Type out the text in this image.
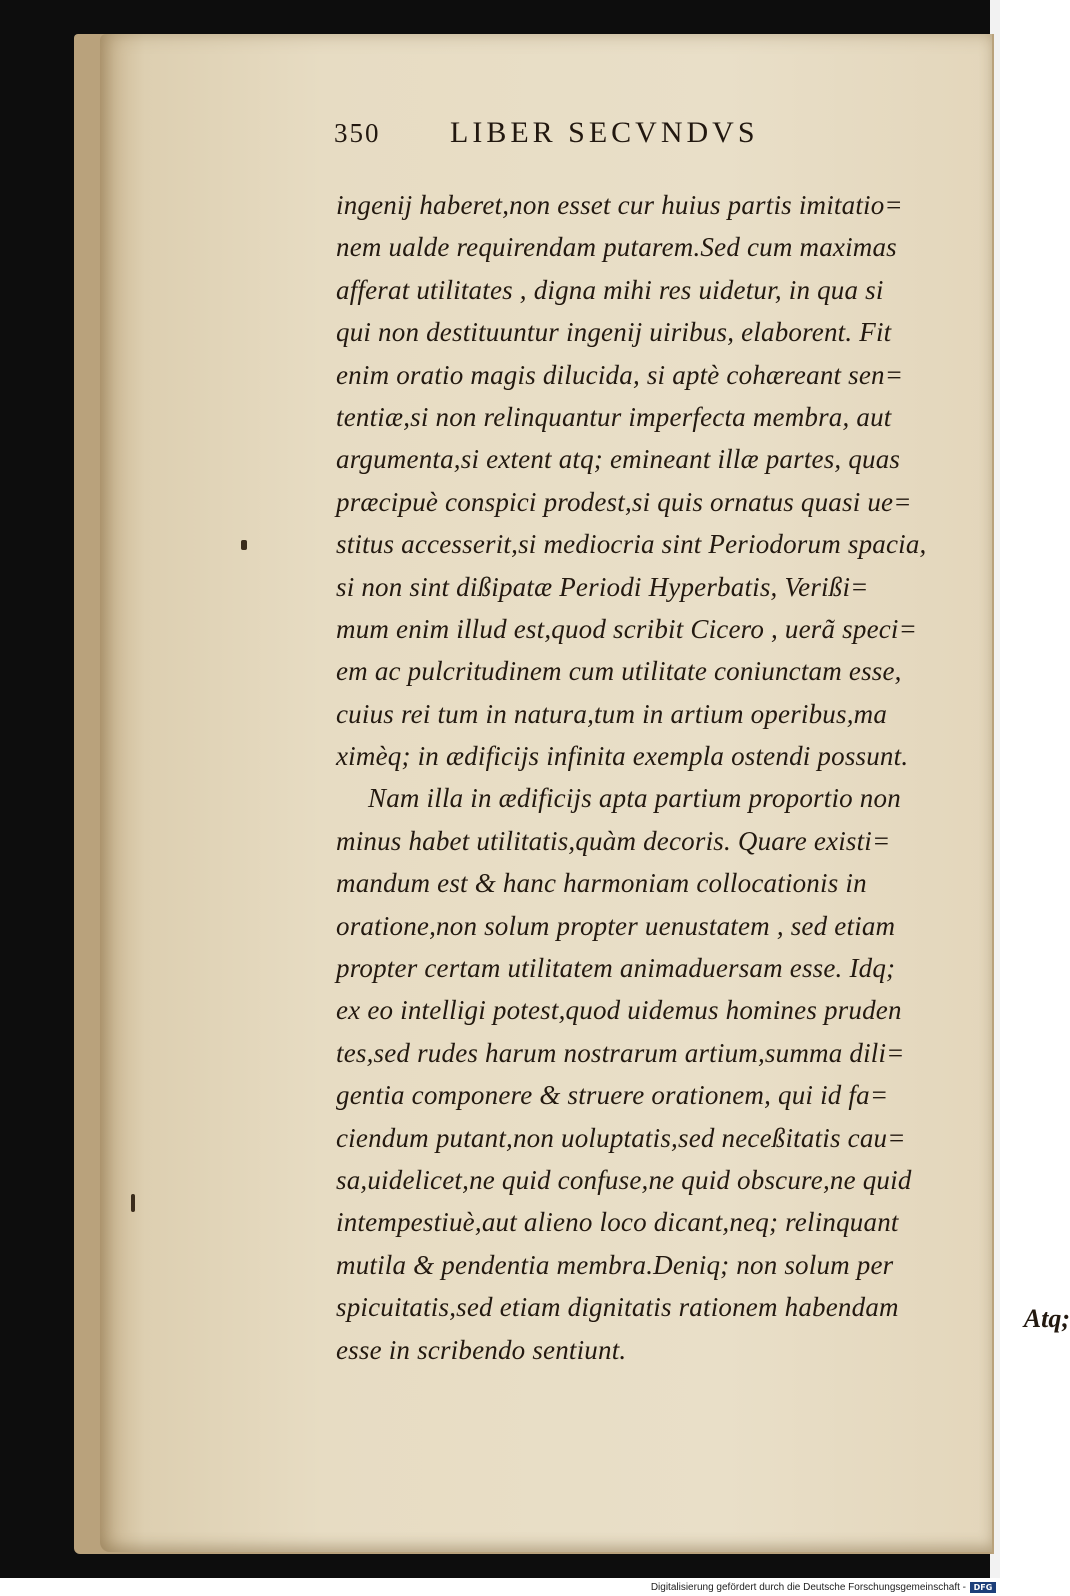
350 LIBER SECVNDVS
ingenij haberet,non esset cur huius partis imitatio=
nem ualde requirendam putarem.Sed cum maximas
afferat utilitates , digna mihi res uidetur, in qua si
qui non destituuntur ingenij uiribus, elaborent. Fit
enim oratio magis dilucida, si aptè cohæreant sen=
tentiæ,si non relinquantur imperfecta membra, aut
argumenta,si extent atq; emineant illæ partes, quas
præcipuè conspici prodest,si quis ornatus quasi ue=
stitus accesserit,si mediocria sint Periodorum spacia,
si non sint dißipatæ Periodi Hyperbatis, Verißi=
mum enim illud est,quod scribit Cicero , uerã speci=
em ac pulcritudinem cum utilitate coniunctam esse,
cuius rei tum in natura,tum in artium operibus,ma
ximèq; in ædificijs infinita exempla ostendi possunt.
Nam illa in ædificijs apta partium proportio non
minus habet utilitatis,quàm decoris. Quare existi=
mandum est & hanc harmoniam collocationis in
oratione,non solum propter uenustatem , sed etiam
propter certam utilitatem animaduersam esse. Idq;
ex eo intelligi potest,quod uidemus homines pruden
tes,sed rudes harum nostrarum artium,summa dili=
gentia componere & struere orationem, qui id fa=
ciendum putant,non uoluptatis,sed neceßitatis cau=
sa,uidelicet,ne quid confuse,ne quid obscure,ne quid
intempestiuè,aut alieno loco dicant,neq; relinquant
mutila & pendentia membra.Deniq; non solum per
spicuitatis,sed etiam dignitatis rationem habendam
esse in scribendo sentiunt.
Atq;
Digitalisierung gefördert durch die Deutsche Forschungsgemeinschaft - DFG
